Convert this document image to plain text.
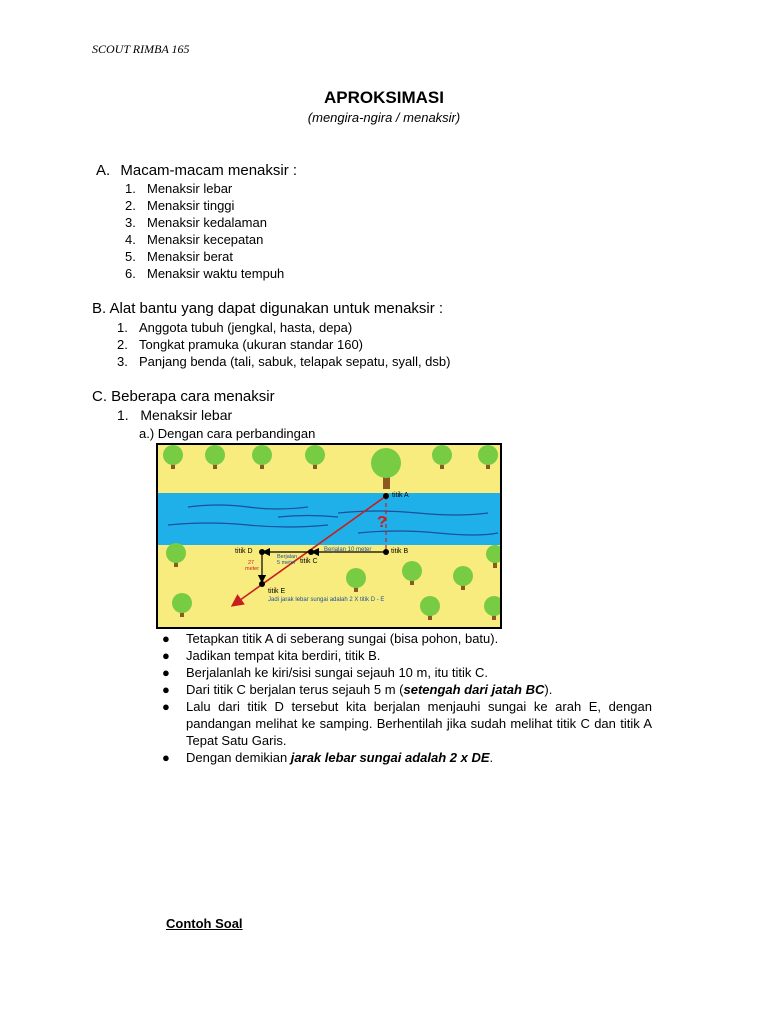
SCOUT RIMBA 165
APROKSIMASI
(mengira-ngira / menaksir)
A. Macam-macam menaksir :
1. Menaksir lebar
2. Menaksir tinggi
3. Menaksir kedalaman
4. Menaksir kecepatan
5. Menaksir berat
6. Menaksir waktu tempuh
B. Alat bantu yang dapat digunakan untuk menaksir :
1. Anggota tubuh (jengkal, hasta, depa)
2. Tongkat pramuka (ukuran standar 160)
3. Panjang benda (tali, sabuk, telapak sepatu, syall, dsb)
C. Beberapa cara menaksir
1.   Menaksir lebar
a.) Dengan cara perbandingan
titik A
titik B
titik C
titik D
titik E
?
Berjalan 10 meter
Berjalan
5 meter
27
meter
Jadi jarak lebar sungai adalah 2 X titik D - E
● Tetapkan titik A di seberang sungai (bisa pohon, batu).
● Jadikan tempat kita berdiri, titik B.
● Berjalanlah ke kiri/sisi sungai sejauh 10 m, itu titik C.
● Dari titik C berjalan terus sejauh 5 m (setengah dari jatah BC).
● Lalu dari titik D tersebut kita berjalan menjauhi sungai ke arah E, dengan pandangan melihat ke samping. Berhentilah jika sudah melihat titik C dan titik A Tepat Satu Garis.
● Dengan demikian jarak lebar sungai adalah 2 x DE.
Contoh Soal
